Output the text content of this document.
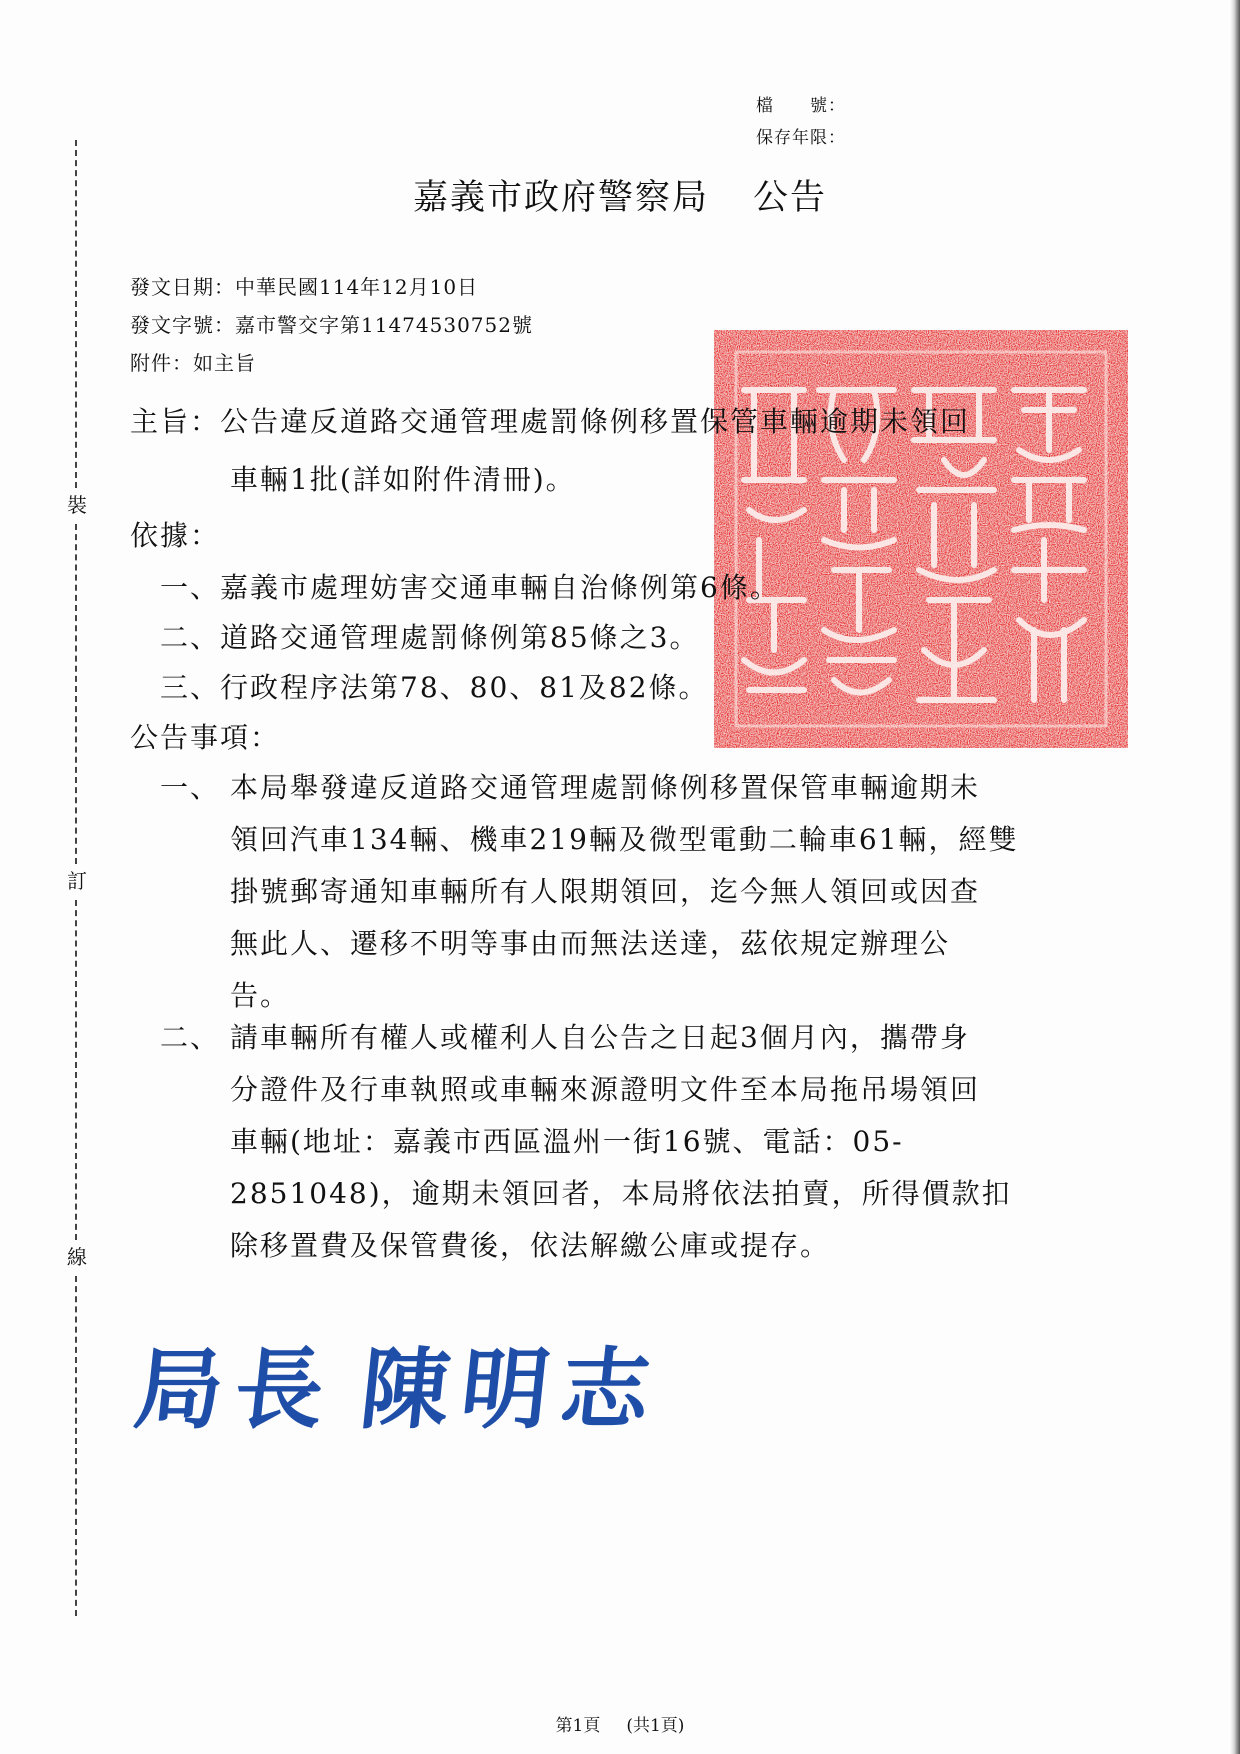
裝
訂
線
檔　　號：
保存年限：
嘉義市政府警察局 公告
發文日期：中華民國114年12月10日
發文字號：嘉市警交字第11474530752號
附件：如主旨
主旨：公告違反道路交通管理處罰條例移置保管車輛逾期未領回
車輛1批(詳如附件清冊)。
依據：
一、嘉義市處理妨害交通車輛自治條例第6條。
二、道路交通管理處罰條例第85條之3。
三、行政程序法第78、80、81及82條。
公告事項：
一、 本局舉發違反道路交通管理處罰條例移置保管車輛逾期未
領回汽車134輛、機車219輛及微型電動二輪車61輛，經雙
掛號郵寄通知車輛所有人限期領回，迄今無人領回或因查
無此人、遷移不明等事由而無法送達，茲依規定辦理公
告。
二、 請車輛所有權人或權利人自公告之日起3個月內，攜帶身
分證件及行車執照或車輛來源證明文件至本局拖吊場領回
車輛(地址：嘉義市西區溫州一街16號、電話：05-
2851048)，逾期未領回者，本局將依法拍賣，所得價款扣
除移置費及保管費後，依法解繳公庫或提存。
局長 陳明志
第1頁 (共1頁)
